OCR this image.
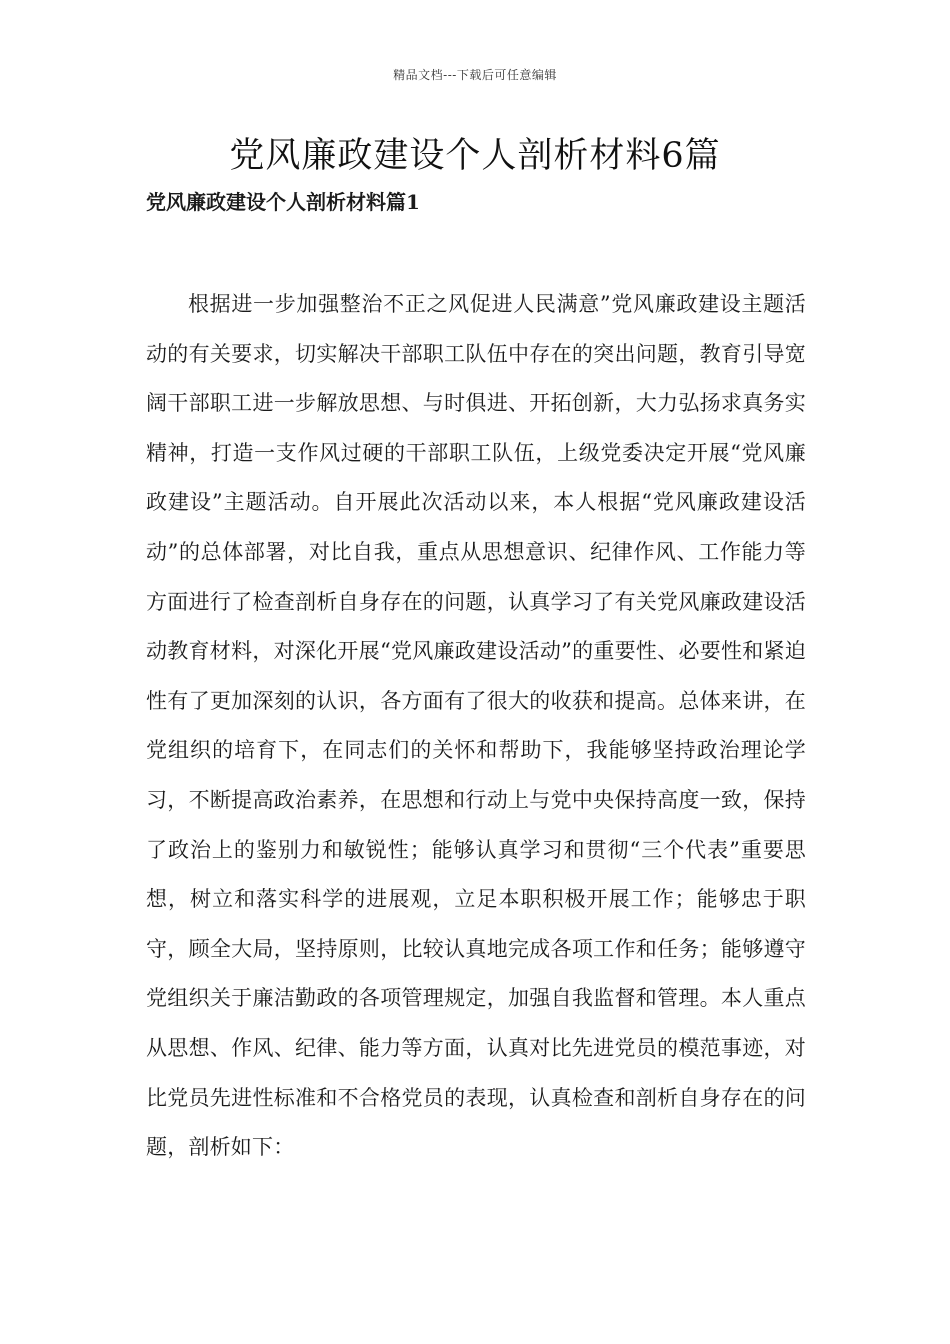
精品文档---下载后可任意编辑
党风廉政建设个人剖析材料6篇
党风廉政建设个人剖析材料篇1

根据进一步加强整治不正之风促进人民满意”党风廉政建设主题活动的有关要求，切实解决干部职工队伍中存在的突出问题，教育引导宽阔干部职工进一步解放思想、与时俱进、开拓创新，大力弘扬求真务实精神，打造一支作风过硬的干部职工队伍，上级党委决定开展“党风廉政建设”主题活动。自开展此次活动以来，本人根据“党风廉政建设活动”的总体部署，对比自我，重点从思想意识、纪律作风、工作能力等方面进行了检查剖析自身存在的问题，认真学习了有关党风廉政建设活动教育材料，对深化开展“党风廉政建设活动”的重要性、必要性和紧迫性有了更加深刻的认识，各方面有了很大的收获和提高。总体来讲，在党组织的培育下，在同志们的关怀和帮助下，我能够坚持政治理论学习，不断提高政治素养，在思想和行动上与党中央保持高度一致，保持了政治上的鉴别力和敏锐性；能够认真学习和贯彻“三个代表”重要思想，树立和落实科学的进展观，立足本职积极开展工作；能够忠于职守，顾全大局，坚持原则，比较认真地完成各项工作和任务；能够遵守党组织关于廉洁勤政的各项管理规定，加强自我监督和管理。本人重点从思想、作风、纪律、能力等方面，认真对比先进党员的模范事迹，对比党员先进性标准和不合格党员的表现，认真检查和剖析自身存在的问题，剖析如下：
